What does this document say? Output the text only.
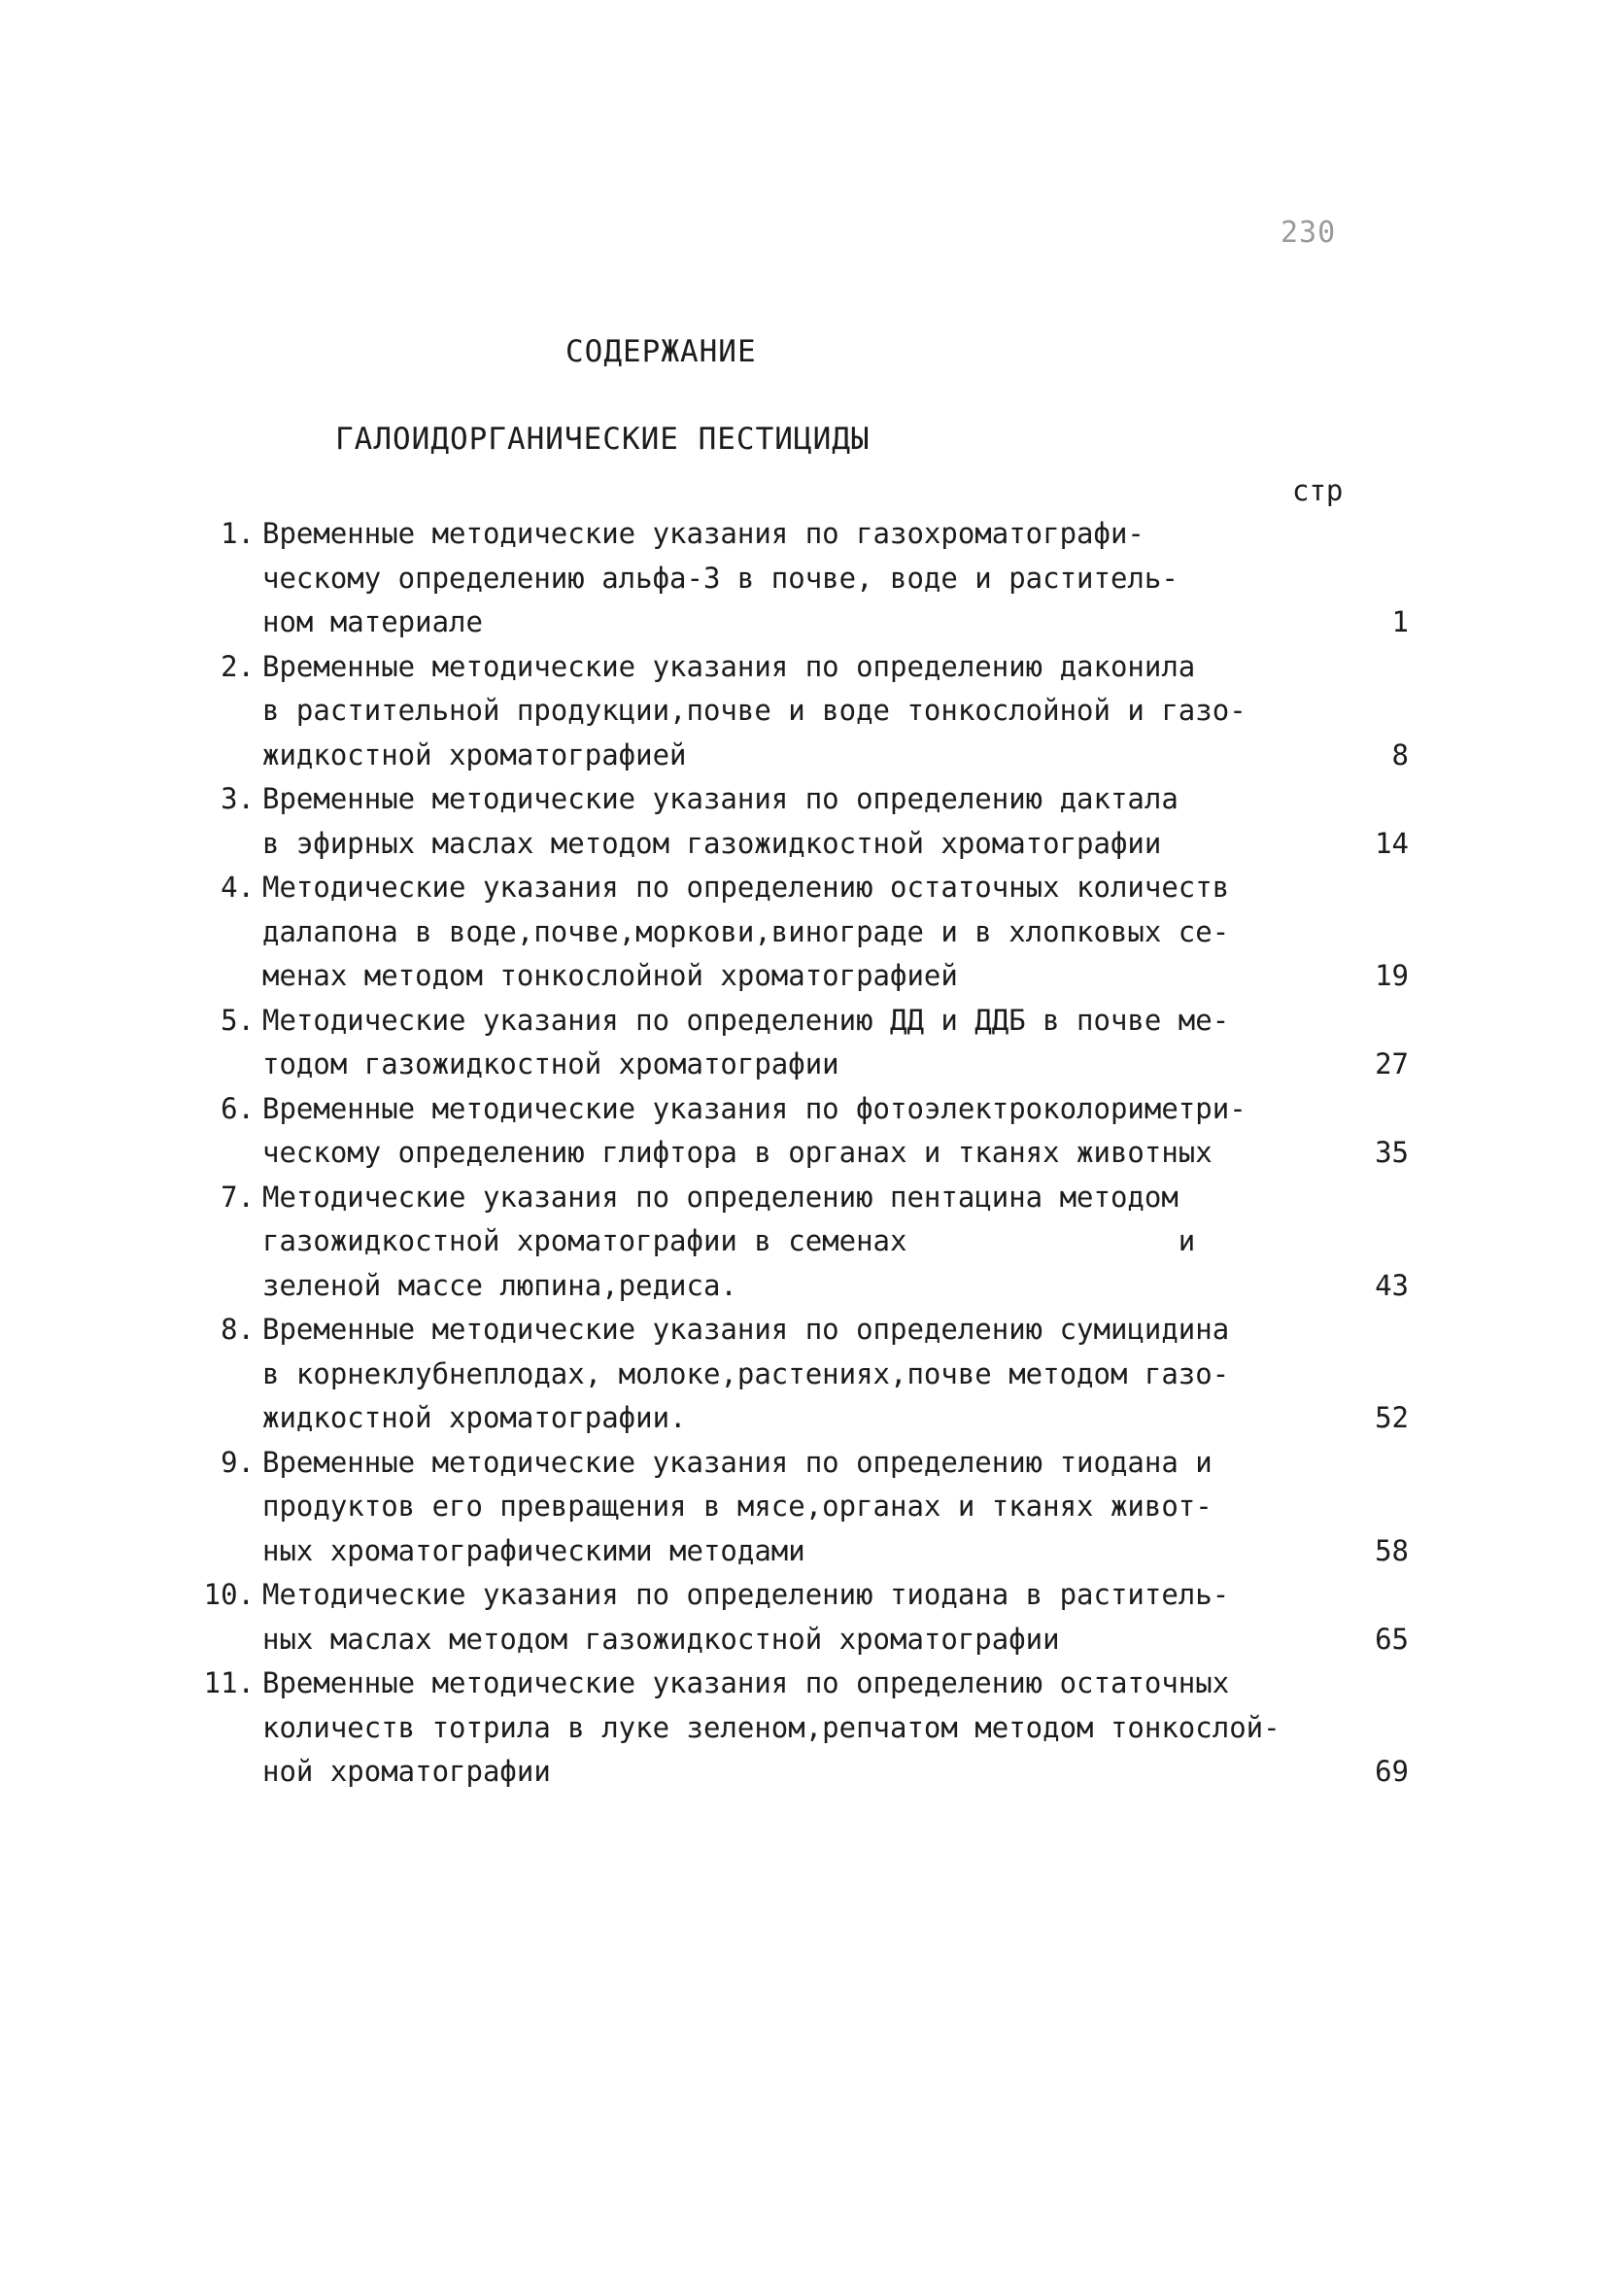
230
СОДЕРЖАНИЕ
ГАЛОИДОРГАНИЧЕСКИЕ ПЕСТИЦИДЫ
стр
1. Временные методические указания по газохроматографи-
ческому определению альфа-3 в почве, воде и раститель-
ном материале	1
2. Временные методические указания по определению даконила
в растительной продукции,почве и воде тонкослойной и газо-
жидкостной хроматографией	8
3. Временные методические указания по определению дактала
в эфирных маслах методом газожидкостной хроматографии	14
4. Методические указания по определению остаточных количеств
далапона в воде,почве,моркови,винограде и в хлопковых се-
менах методом тонкослойной хроматографией	19
5. Методические указания по определению ДД и ДДБ в почве ме-
тодом газожидкостной хроматографии	27
6. Временные методические указания по фотоэлектроколориметри-
ческому определению глифтора в органах и тканях животных	35
7. Методические указания по определению пентацина методом
газожидкостной хроматографии в семенах                и
зеленой массе люпина,редиса.	43
8. Временные методические указания по определению сумицидина
в корнеклубнеплодах, молоке,растениях,почве методом газо-
жидкостной хроматографии.	52
9. Временные методические указания по определению тиодана и
продуктов его превращения в мясе,органах и тканях живот-
ных хроматографическими методами	58
10. Методические указания по определению тиодана в раститель-
ных маслах методом газожидкостной хроматографии	65
11. Временные методические указания по определению остаточных
количеств тотрила в луке зеленом,репчатом методом тонкослой-
ной хроматографии	69
